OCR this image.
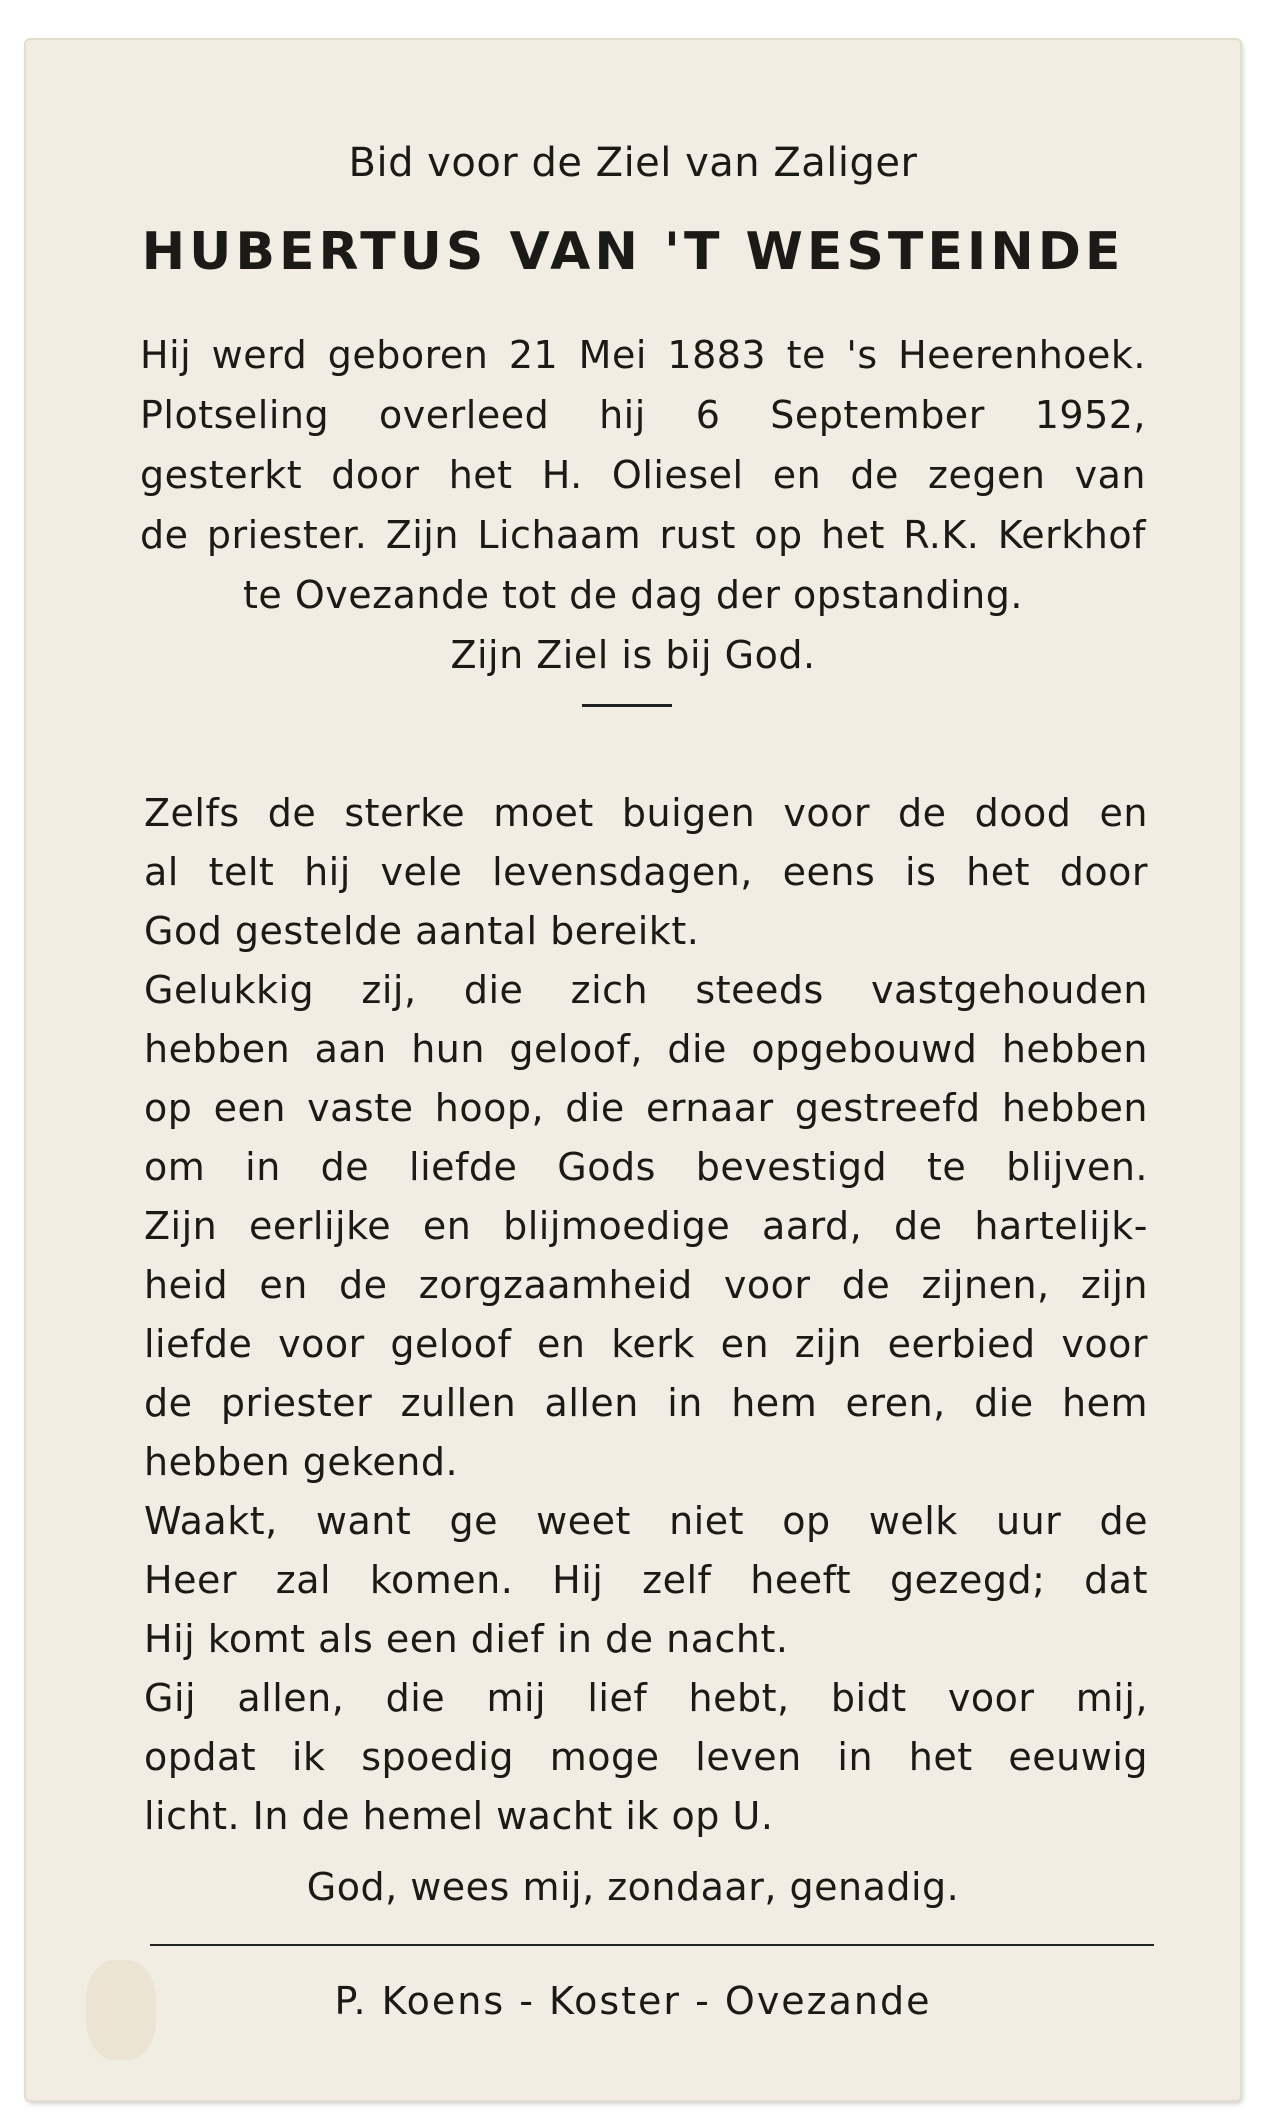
Bid voor de Ziel van Zaliger
HUBERTUS VAN 'T WESTEINDE
Hij werd geboren 21 Mei 1883 te 's Heerenhoek.
Plotseling overleed hij 6 September 1952,
gesterkt door het H. Oliesel en de zegen van
de priester. Zijn Lichaam rust op het R.K. Kerkhof
te Ovezande tot de dag der opstanding.
Zijn Ziel is bij God.
Zelfs de sterke moet buigen voor de dood en
al telt hij vele levensdagen, eens is het door
God gestelde aantal bereikt.
Gelukkig zij, die zich steeds vastgehouden
hebben aan hun geloof, die opgebouwd hebben
op een vaste hoop, die ernaar gestreefd hebben
om in de liefde Gods bevestigd te blijven.
Zijn eerlijke en blijmoedige aard, de hartelijk-
heid en de zorgzaamheid voor de zijnen, zijn
liefde voor geloof en kerk en zijn eerbied voor
de priester zullen allen in hem eren, die hem
hebben gekend.
Waakt, want ge weet niet op welk uur de
Heer zal komen. Hij zelf heeft gezegd; dat
Hij komt als een dief in de nacht.
Gij allen, die mij lief hebt, bidt voor mij,
opdat ik spoedig moge leven in het eeuwig
licht. In de hemel wacht ik op U.
God, wees mij, zondaar, genadig.
P. Koens - Koster - Ovezande
